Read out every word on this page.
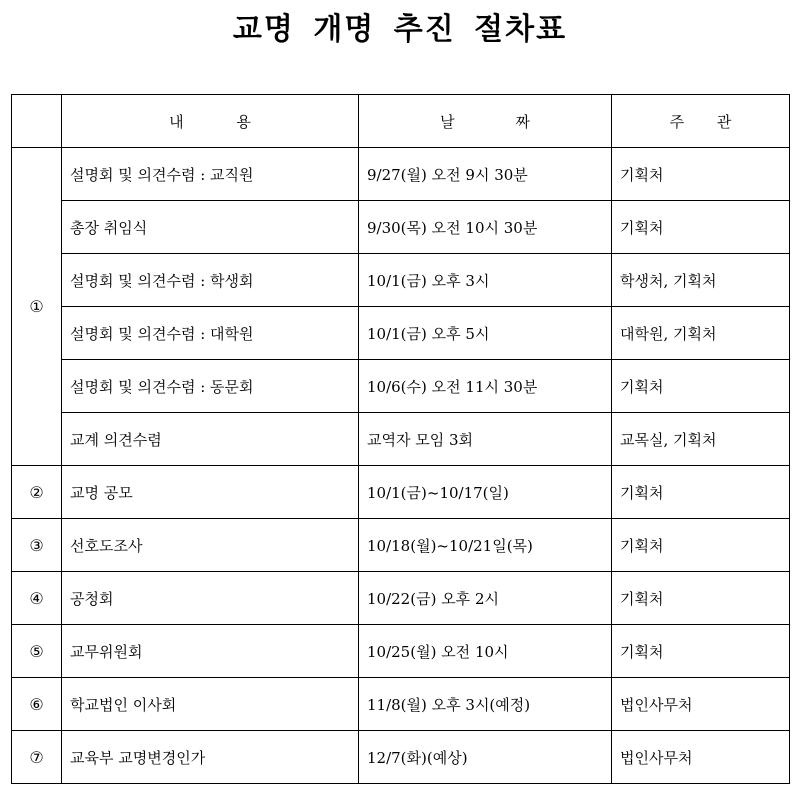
교명 개명 추진 절차표
	내 용	날 짜	주 관
①	설명회 및 의견수렴 : 교직원	9/27(월) 오전 9시 30분	기획처
	총장 취임식	9/30(목) 오전 10시 30분	기획처
	설명회 및 의견수렴 : 학생회	10/1(금) 오후 3시	학생처, 기획처
	설명회 및 의견수렴 : 대학원	10/1(금) 오후 5시	대학원, 기획처
	설명회 및 의견수렴 : 동문회	10/6(수) 오전 11시 30분	기획처
	교계 의견수렴	교역자 모임 3회	교목실, 기획처
②	교명 공모	10/1(금)~10/17(일)	기획처
③	선호도조사	10/18(월)~10/21일(목)	기획처
④	공청회	10/22(금) 오후 2시	기획처
⑤	교무위원회	10/25(월) 오전 10시	기획처
⑥	학교법인 이사회	11/8(월) 오후 3시(예정)	법인사무처
⑦	교육부 교명변경인가	12/7(화)(예상)	법인사무처
